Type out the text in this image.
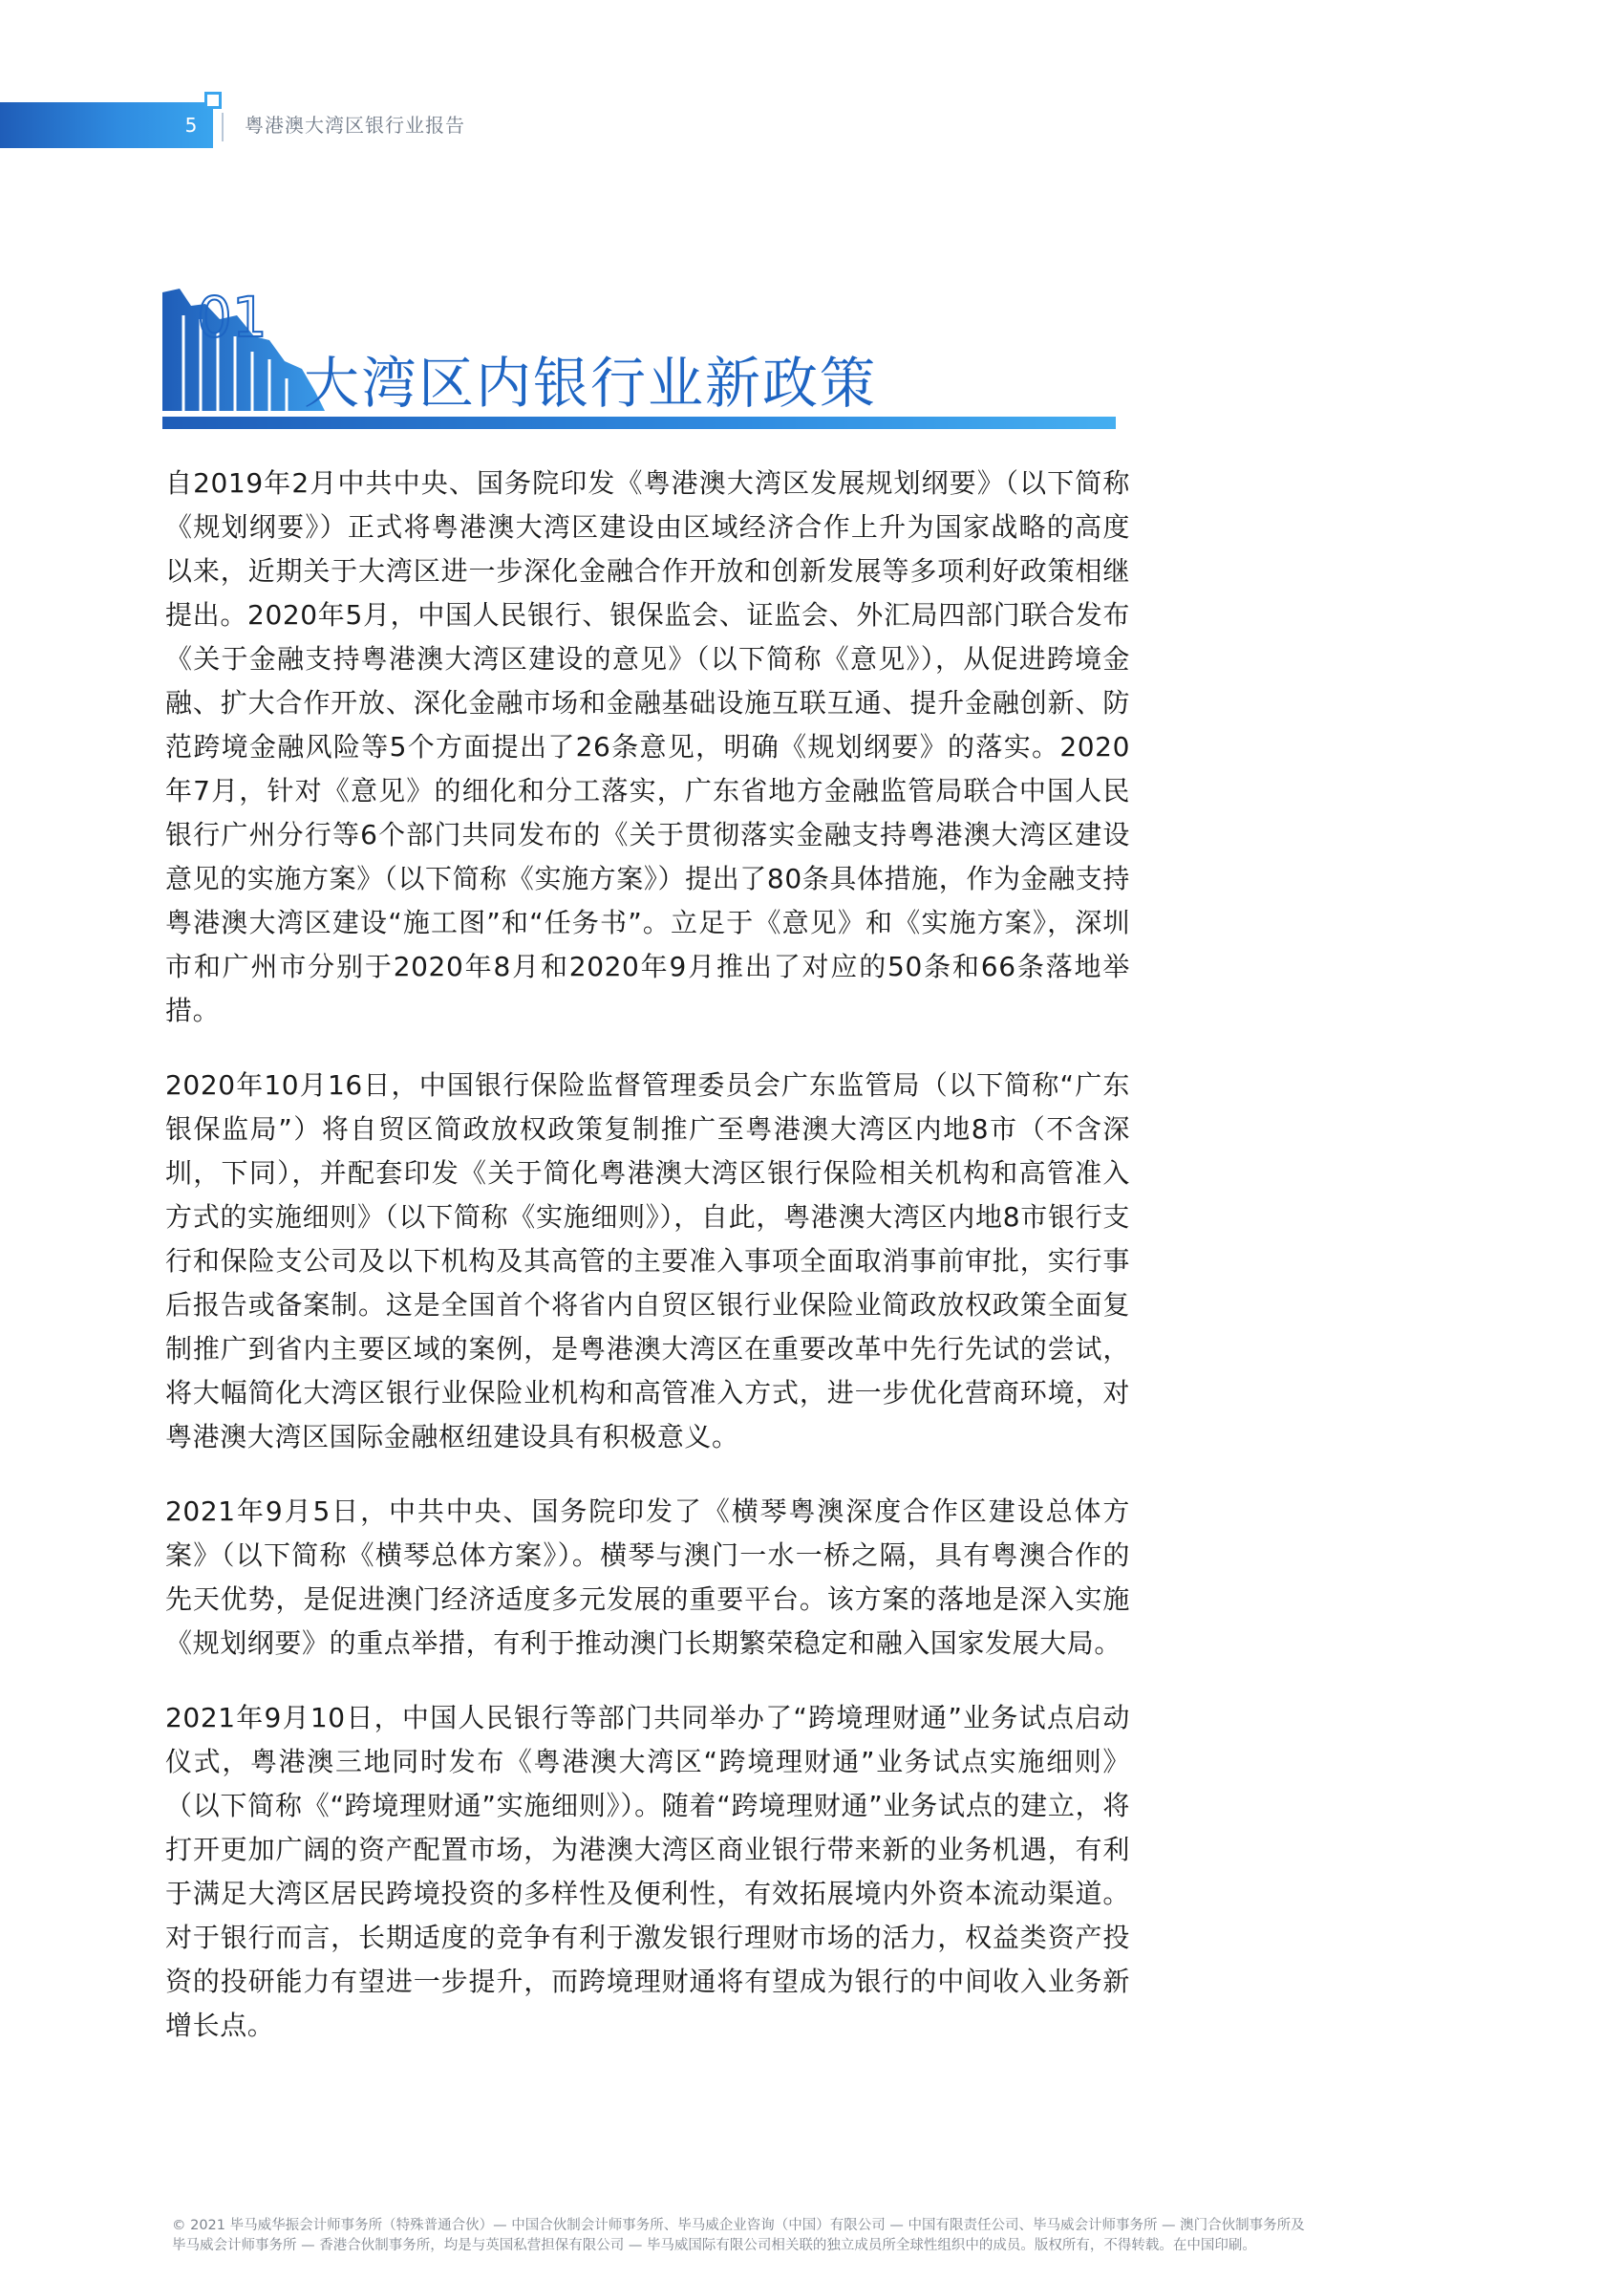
5 粤港澳大湾区银行业报告
01
大湾区内银行业新政策

自2019年2月中共中央、国务院印发《粤港澳大湾区发展规划纲要》（以下简称《规划纲要》）正式将粤港澳大湾区建设由区域经济合作上升为国家战略的高度以来，近期关于大湾区进一步深化金融合作开放和创新发展等多项利好政策相继提出。2020年5月，中国人民银行、银保监会、证监会、外汇局四部门联合发布《关于金融支持粤港澳大湾区建设的意见》（以下简称《意见》），从促进跨境金融、扩大合作开放、深化金融市场和金融基础设施互联互通、提升金融创新、防范跨境金融风险等5个方面提出了26条意见，明确《规划纲要》的落实。2020年7月，针对《意见》的细化和分工落实，广东省地方金融监管局联合中国人民银行广州分行等6个部门共同发布的《关于贯彻落实金融支持粤港澳大湾区建设意见的实施方案》（以下简称《实施方案》）提出了80条具体措施，作为金融支持粤港澳大湾区建设“施工图”和“任务书”。立足于《意见》和《实施方案》，深圳市和广州市分别于2020年8月和2020年9月推出了对应的50条和66条落地举措。

2020年10月16日，中国银行保险监督管理委员会广东监管局（以下简称“广东银保监局”）将自贸区简政放权政策复制推广至粤港澳大湾区内地8市（不含深圳，下同），并配套印发《关于简化粤港澳大湾区银行保险相关机构和高管准入方式的实施细则》（以下简称《实施细则》），自此，粤港澳大湾区内地8市银行支行和保险支公司及以下机构及其高管的主要准入事项全面取消事前审批，实行事后报告或备案制。这是全国首个将省内自贸区银行业保险业简政放权政策全面复制推广到省内主要区域的案例，是粤港澳大湾区在重要改革中先行先试的尝试，将大幅简化大湾区银行业保险业机构和高管准入方式，进一步优化营商环境，对粤港澳大湾区国际金融枢纽建设具有积极意义。

2021年9月5日，中共中央、国务院印发了《横琴粤澳深度合作区建设总体方案》（以下简称《横琴总体方案》）。横琴与澳门一水一桥之隔，具有粤澳合作的先天优势，是促进澳门经济适度多元发展的重要平台。该方案的落地是深入实施《规划纲要》的重点举措，有利于推动澳门长期繁荣稳定和融入国家发展大局。

2021年9月10日，中国人民银行等部门共同举办了“跨境理财通”业务试点启动仪式，粤港澳三地同时发布《粤港澳大湾区“跨境理财通”业务试点实施细则》（以下简称《“跨境理财通”实施细则》）。随着“跨境理财通”业务试点的建立，将打开更加广阔的资产配置市场，为港澳大湾区商业银行带来新的业务机遇，有利于满足大湾区居民跨境投资的多样性及便利性，有效拓展境内外资本流动渠道。对于银行而言，长期适度的竞争有利于激发银行理财市场的活力，权益类资产投资的投研能力有望进一步提升，而跨境理财通将有望成为银行的中间收入业务新增长点。

© 2021 毕马威华振会计师事务所（特殊普通合伙）— 中国合伙制会计师事务所、毕马威企业咨询（中国）有限公司 — 中国有限责任公司、毕马威会计师事务所 — 澳门合伙制事务所及
毕马威会计师事务所 — 香港合伙制事务所，均是与英国私营担保有限公司 — 毕马威国际有限公司相关联的独立成员所全球性组织中的成员。版权所有，不得转载。在中国印刷。
